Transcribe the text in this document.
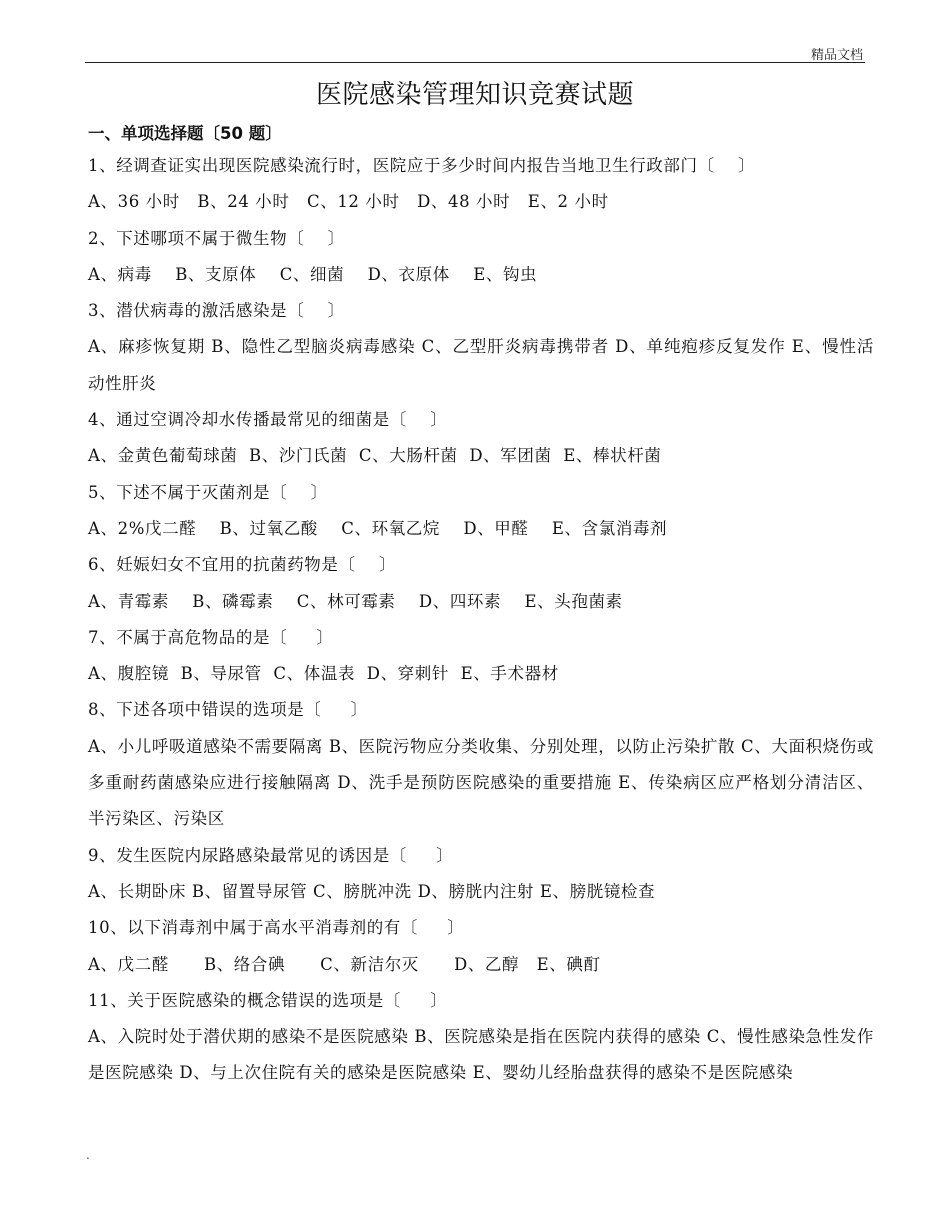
精品文档
医院感染管理知识竞赛试题
一、单项选择题〔50 题〕
1、经调查证实出现医院感染流行时，医院应于多少时间内报告当地卫生行政部门〔    〕
A、36 小时   B、24 小时   C、12 小时   D、48 小时   E、2 小时
2、下述哪项不属于微生物〔    〕
A、病毒    B、支原体    C、细菌    D、衣原体    E、钩虫
3、潜伏病毒的激活感染是〔    〕
A、麻疹恢复期 B、隐性乙型脑炎病毒感染 C、乙型肝炎病毒携带者 D、单纯疱疹反复发作 E、慢性活动性肝炎
4、通过空调冷却水传播最常见的细菌是〔    〕
A、金黄色葡萄球菌  B、沙门氏菌  C、大肠杆菌  D、军团菌  E、棒状杆菌
5、下述不属于灭菌剂是〔    〕
A、2%戊二醛    B、过氧乙酸    C、环氧乙烷    D、甲醛    E、含氯消毒剂
6、妊娠妇女不宜用的抗菌药物是〔    〕
A、青霉素    B、磷霉素    C、林可霉素    D、四环素    E、头孢菌素
7、不属于高危物品的是〔     〕
A、腹腔镜  B、导尿管  C、体温表  D、穿刺针  E、手术器材
8、下述各项中错误的选项是〔     〕
A、小儿呼吸道感染不需要隔离 B、医院污物应分类收集、分别处理，以防止污染扩散 C、大面积烧伤或多重耐药菌感染应进行接触隔离 D、洗手是预防医院感染的重要措施 E、传染病区应严格划分清洁区、半污染区、污染区
9、发生医院内尿路感染最常见的诱因是〔     〕
A、长期卧床 B、留置导尿管 C、膀胱冲洗 D、膀胱内注射 E、膀胱镜检查
10、以下消毒剂中属于高水平消毒剂的有〔     〕
A、戊二醛      B、络合碘      C、新洁尔灭      D、乙醇   E、碘酊
11、关于医院感染的概念错误的选项是〔     〕
A、入院时处于潜伏期的感染不是医院感染 B、医院感染是指在医院内获得的感染 C、慢性感染急性发作是医院感染 D、与上次住院有关的感染是医院感染 E、婴幼儿经胎盘获得的感染不是医院感染
.
